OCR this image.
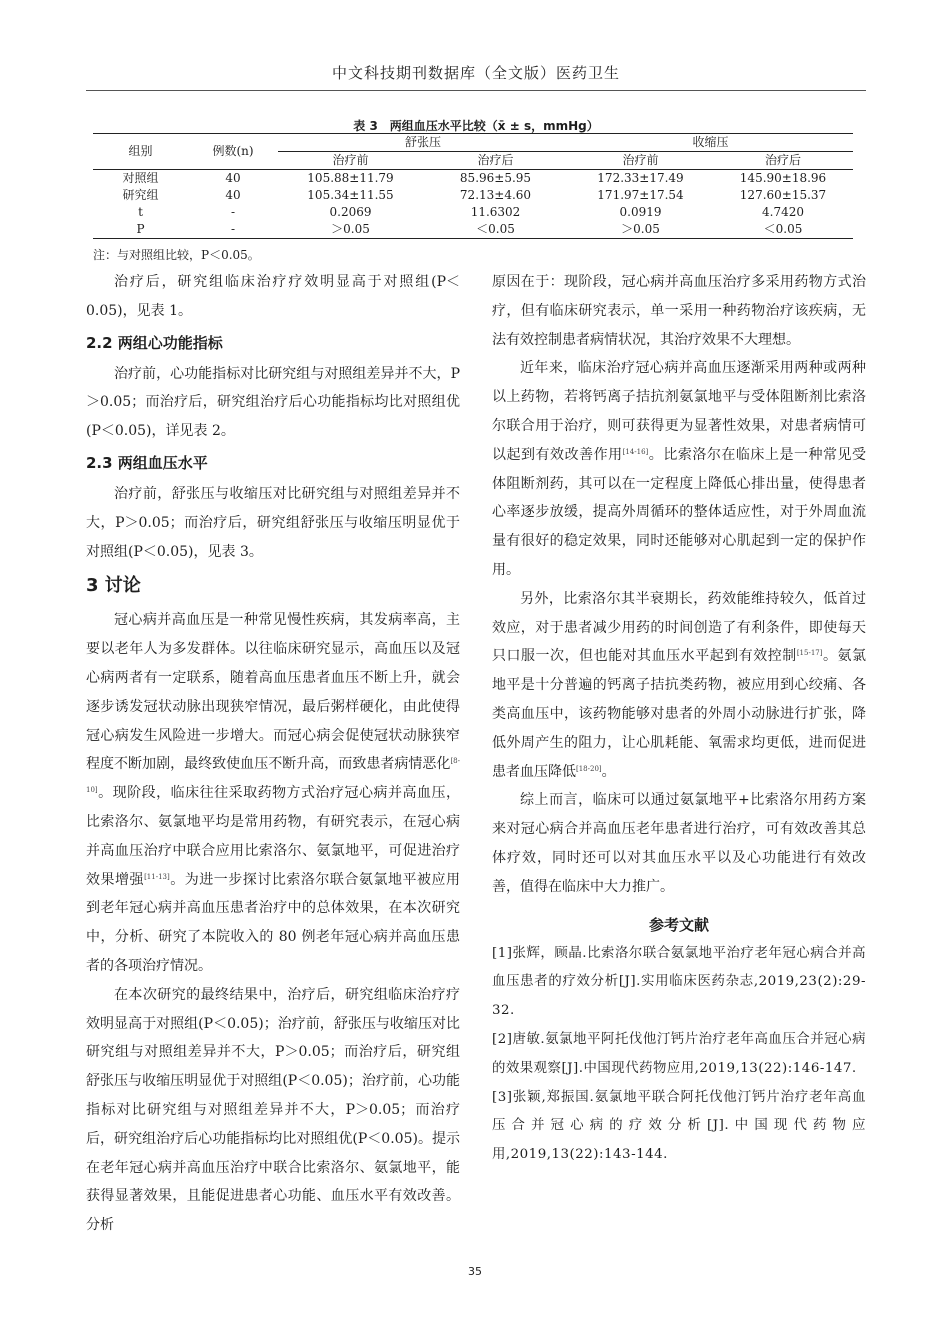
中文科技期刊数据库（全文版）医药卫生
表 3　两组血压水平比较（x̄ ± s，mmHg）
组别	例数(n)	舒张压		收缩压	
		治疗前	治疗后	治疗前	治疗后
对照组	40	105.88±11.79	85.96±5.95	172.33±17.49	145.90±18.96
研究组	40	105.34±11.55	72.13±4.60	171.97±17.54	127.60±15.37
t	-	0.2069	11.6302	0.0919	4.7420
P	-	＞0.05	＜0.05	＞0.05	＜0.05
注：与对照组比较，P＜0.05。

治疗后，研究组临床治疗疗效明显高于对照组(P＜0.05)，见表 1。

2.2 两组心功能指标

治疗前，心功能指标对比研究组与对照组差异并不大，P＞0.05；而治疗后，研究组治疗后心功能指标均比对照组优(P＜0.05)，详见表 2。

2.3 两组血压水平

治疗前，舒张压与收缩压对比研究组与对照组差异并不大，P＞0.05；而治疗后，研究组舒张压与收缩压明显优于对照组(P＜0.05)，见表 3。

3 讨论

冠心病并高血压是一种常见慢性疾病，其发病率高，主要以老年人为多发群体。以往临床研究显示，高血压以及冠心病两者有一定联系，随着高血压患者血压不断上升，就会逐步诱发冠状动脉出现狭窄情况，最后粥样硬化，由此使得冠心病发生风险进一步增大。而冠心病会促使冠状动脉狭窄程度不断加剧，最终致使血压不断升高，而致患者病情恶化[8-10]。现阶段，临床往往采取药物方式治疗冠心病并高血压，比索洛尔、氨氯地平均是常用药物，有研究表示，在冠心病并高血压治疗中联合应用比索洛尔、氨氯地平，可促进治疗效果增强[11-13]。为进一步探讨比索洛尔联合氨氯地平被应用到老年冠心病并高血压患者治疗中的总体效果，在本次研究中，分析、研究了本院收入的 80 例老年冠心病并高血压患者的各项治疗情况。

在本次研究的最终结果中，治疗后，研究组临床治疗疗效明显高于对照组(P＜0.05)；治疗前，舒张压与收缩压对比研究组与对照组差异并不大，P＞0.05；而治疗后，研究组舒张压与收缩压明显优于对照组(P＜0.05)；治疗前，心功能指标对比研究组与对照组差异并不大，P＞0.05；而治疗后，研究组治疗后心功能指标均比对照组优(P＜0.05)。提示在老年冠心病并高血压治疗中联合比索洛尔、氨氯地平，能获得显著效果，且能促进患者心功能、血压水平有效改善。分析

原因在于：现阶段，冠心病并高血压治疗多采用药物方式治疗，但有临床研究表示，单一采用一种药物治疗该疾病，无法有效控制患者病情状况，其治疗效果不大理想。

近年来，临床治疗冠心病并高血压逐渐采用两种或两种以上药物，若将钙离子拮抗剂氨氯地平与受体阻断剂比索洛尔联合用于治疗，则可获得更为显著性效果，对患者病情可以起到有效改善作用[14-16]。比索洛尔在临床上是一种常见受体阻断剂药，其可以在一定程度上降低心排出量，使得患者心率逐步放缓，提高外周循环的整体适应性，对于外周血流量有很好的稳定效果，同时还能够对心肌起到一定的保护作用。

另外，比索洛尔其半衰期长，药效能维持较久，低首过效应，对于患者减少用药的时间创造了有利条件，即使每天只口服一次，但也能对其血压水平起到有效控制[15-17]。氨氯地平是十分普遍的钙离子拮抗类药物，被应用到心绞痛、各类高血压中，该药物能够对患者的外周小动脉进行扩张，降低外周产生的阻力，让心肌耗能、氧需求均更低，进而促进患者血压降低[18-20]。

综上而言，临床可以通过氨氯地平+比索洛尔用药方案来对冠心病合并高血压老年患者进行治疗，可有效改善其总体疗效，同时还可以对其血压水平以及心功能进行有效改善，值得在临床中大力推广。

参考文献
[1]张辉，顾晶.比索洛尔联合氨氯地平治疗老年冠心病合并高血压患者的疗效分析[J].实用临床医药杂志,2019,23(2):29-32.
[2]唐敏.氨氯地平阿托伐他汀钙片治疗老年高血压合并冠心病的效果观察[J].中国现代药物应用,2019,13(22):146-147.
[3]张颖,郑振国.氨氯地平联合阿托伐他汀钙片治疗老年高血压合并冠心病的疗效分析[J].中国现代药物应用,2019,13(22):143-144.
35
